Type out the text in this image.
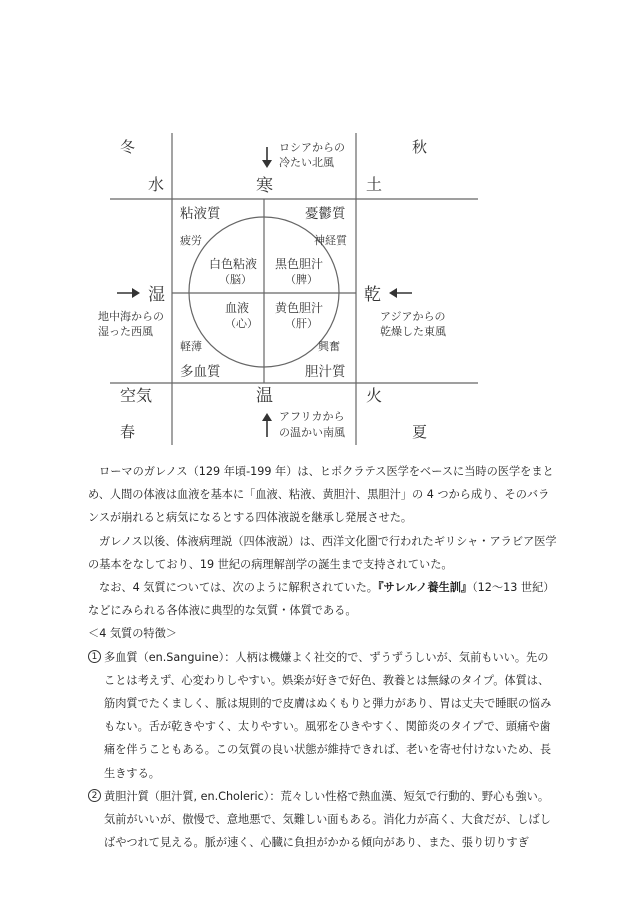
冬	秋
春	夏
水	土
空気	火
寒
温
湿	乾
ロシアからの
冷たい北風
アフリカから
の温かい南風
地中海からの
湿った西風
アジアからの
乾燥した東風
粘液質
疲労
白色粘液
（脳）
憂鬱質
神経質
黒色胆汁
（脾）
血液
（心）
軽薄
多血質
黄色胆汁
（肝）
興奮
胆汁質

ローマのガレノス（129 年頃‐199 年）は、ヒポクラテス医学をベースに当時の医学をまとめ、人間の体液は血液を基本に「血液、粘液、黄胆汁、黒胆汁」の 4 つから成り、そのバランスが崩れると病気になるとする四体液説を継承し発展させた。

ガレノス以後、体液病理説（四体液説）は、西洋文化圏で行われたギリシャ・アラビア医学の基本をなしており、19 世紀の病理解剖学の誕生まで支持されていた。

なお、4 気質については、次のように解釈されていた。『サレルノ養生訓』（12～13 世紀）などにみられる各体液に典型的な気質・体質である。

＜4 気質の特徴＞

1 多血質（en.Sanguine）：人柄は機嫌よく社交的で、ずうずうしいが、気前もいい。先のことは考えず、心変わりしやすい。娯楽が好きで好色、教養とは無縁のタイプ。体質は、筋肉質でたくましく、脈は規則的で皮膚はぬくもりと弾力があり、胃は丈夫で睡眠の悩みもない。舌が乾きやすく、太りやすい。風邪をひきやすく、関節炎のタイプで、頭痛や歯痛を伴うこともある。この気質の良い状態が維持できれば、老いを寄せ付けないため、長生きする。

2 黄胆汁質（胆汁質, en.Choleric）：荒々しい性格で熱血漢、短気で行動的、野心も強い。気前がいいが、傲慢で、意地悪で、気難しい面もある。消化力が高く、大食だが、しばしばやつれて見える。脈が速く、心臓に負担がかかる傾向があり、また、張り切りすぎ
